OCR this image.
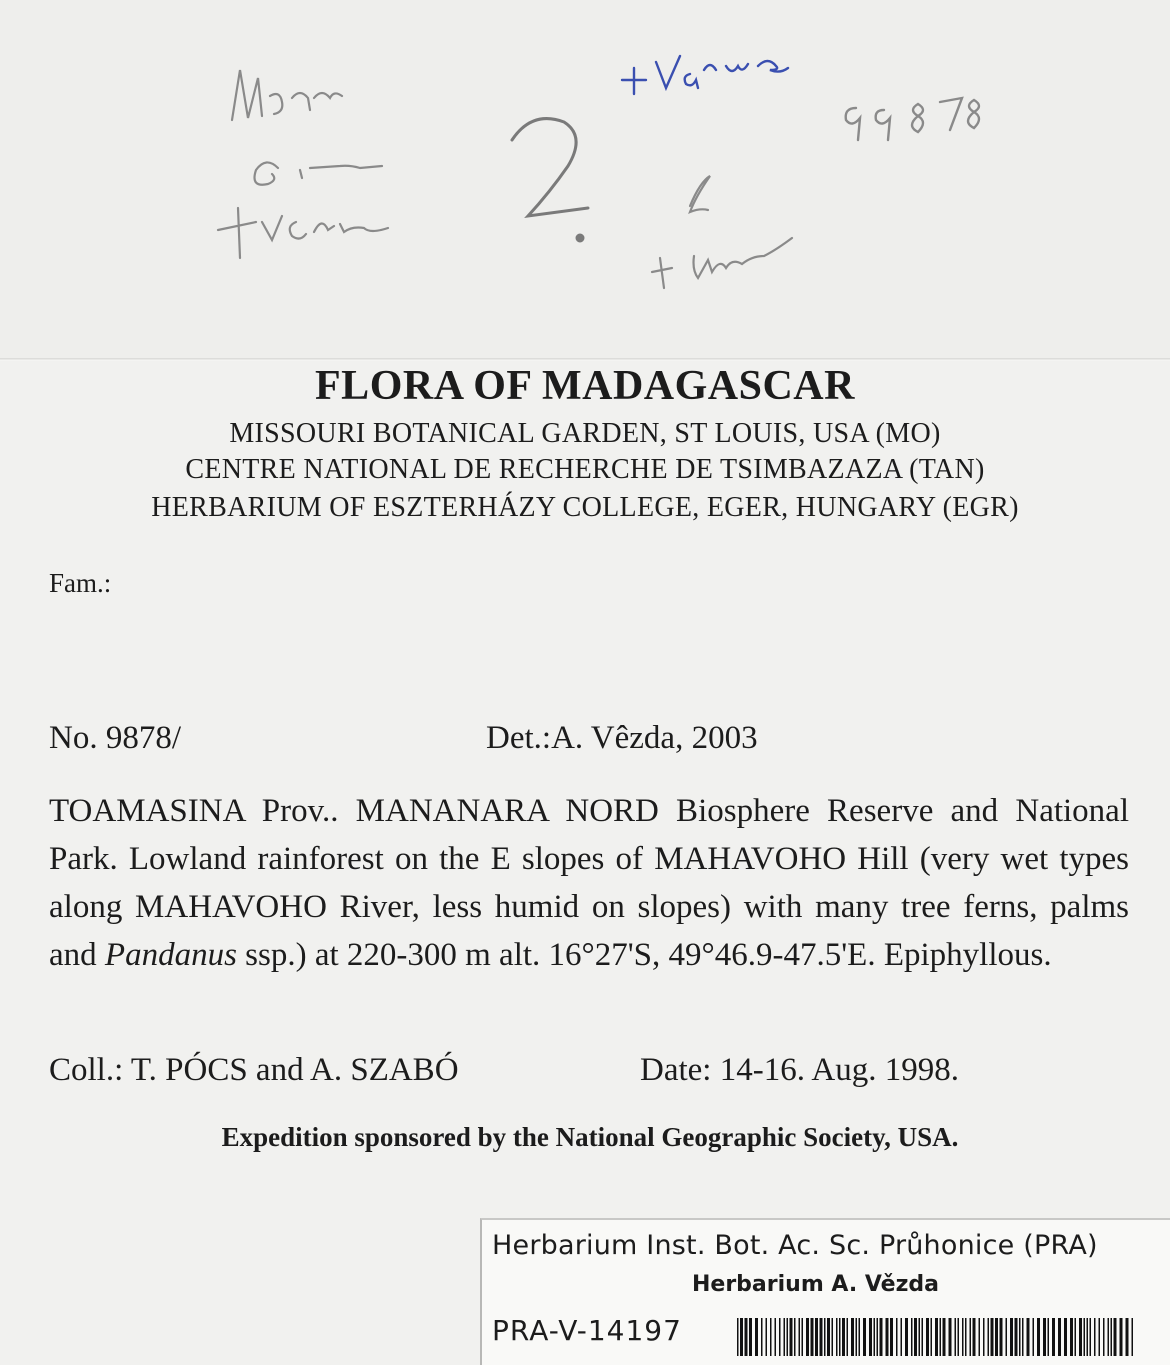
FLORA OF MADAGASCAR
MISSOURI BOTANICAL GARDEN, ST LOUIS, USA (MO)
CENTRE NATIONAL DE RECHERCHE DE TSIMBAZAZA (TAN)
HERBARIUM OF ESZTERHÁZY COLLEGE, EGER, HUNGARY (EGR)
Fam.:
No. 9878/	Det.:A. Vêzda, 2003

TOAMASINA Prov.. MANANARA NORD Biosphere Reserve and National Park. Lowland rainforest on the E slopes of MAHAVOHO Hill (very wet types along MAHAVOHO River, less humid on slopes) with many tree ferns, palms and Pandanus ssp.) at 220-300 m alt. 16°27'S, 49°46.9-47.5'E. Epiphyllous.

Coll.: T. PÓCS and A. SZABÓ	Date: 14-16. Aug. 1998.
Expedition sponsored by the National Geographic Society, USA.
Herbarium Inst. Bot. Ac. Sc. Průhonice (PRA)
Herbarium A. Vězda
PRA-V-14197
